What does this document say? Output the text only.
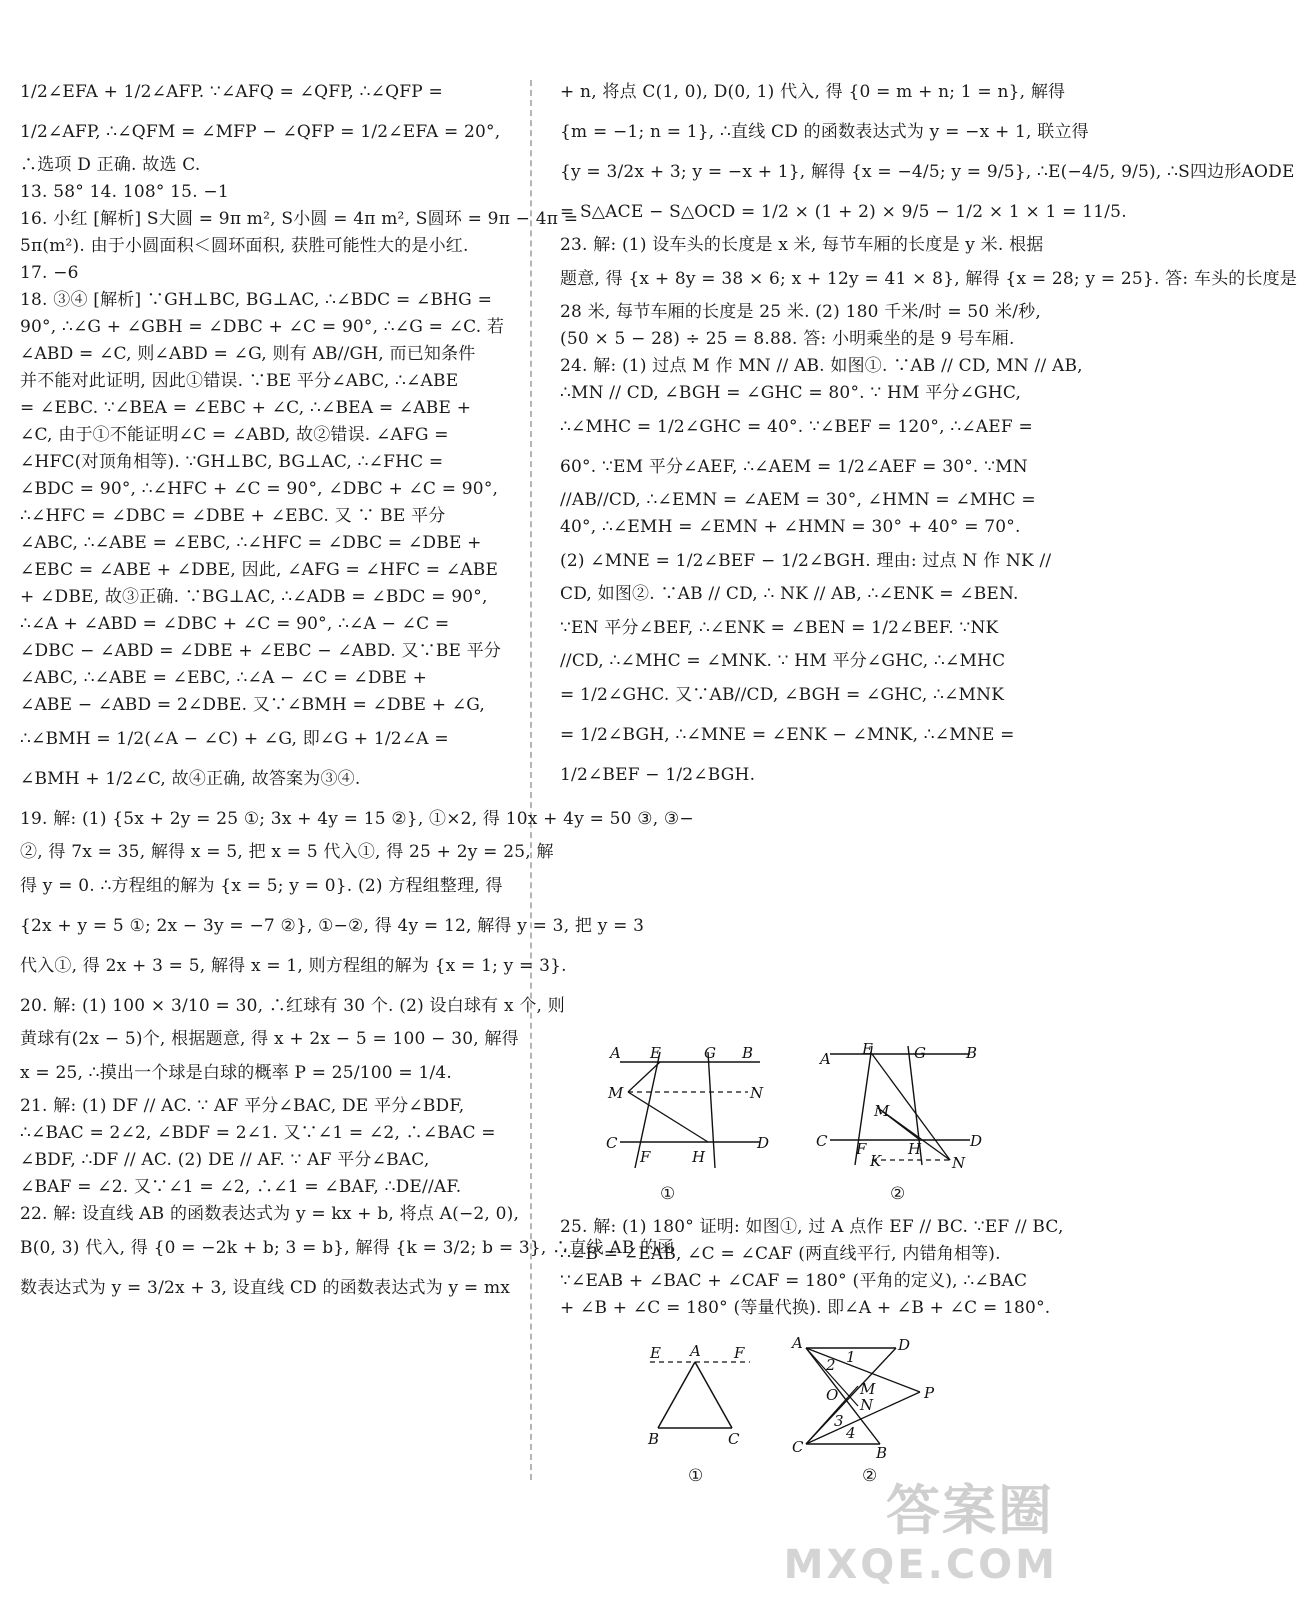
1/2∠EFA + 1/2∠AFP. ∵∠AFQ = ∠QFP, ∴∠QFP =
1/2∠AFP, ∴∠QFM = ∠MFP − ∠QFP = 1/2∠EFA = 20°,
∴选项 D 正确. 故选 C.
13. 58° 14. 108° 15. −1
16. 小红 [解析] S大圆 = 9π m², S小圆 = 4π m², S圆环 = 9π − 4π =
5π(m²). 由于小圆面积＜圆环面积, 获胜可能性大的是小红.
17. −6
18. ③④ [解析] ∵GH⊥BC, BG⊥AC, ∴∠BDC = ∠BHG =
90°, ∴∠G + ∠GBH = ∠DBC + ∠C = 90°, ∴∠G = ∠C. 若
∠ABD = ∠C, 则∠ABD = ∠G, 则有 AB//GH, 而已知条件
并不能对此证明, 因此①错误. ∵BE 平分∠ABC, ∴∠ABE
= ∠EBC. ∵∠BEA = ∠EBC + ∠C, ∴∠BEA = ∠ABE +
∠C, 由于①不能证明∠C = ∠ABD, 故②错误. ∠AFG =
∠HFC(对顶角相等). ∵GH⊥BC, BG⊥AC, ∴∠FHC =
∠BDC = 90°, ∴∠HFC + ∠C = 90°, ∠DBC + ∠C = 90°,
∴∠HFC = ∠DBC = ∠DBE + ∠EBC. 又 ∵ BE 平分
∠ABC, ∴∠ABE = ∠EBC, ∴∠HFC = ∠DBC = ∠DBE +
∠EBC = ∠ABE + ∠DBE, 因此, ∠AFG = ∠HFC = ∠ABE
+ ∠DBE, 故③正确. ∵BG⊥AC, ∴∠ADB = ∠BDC = 90°,
∴∠A + ∠ABD = ∠DBC + ∠C = 90°, ∴∠A − ∠C =
∠DBC − ∠ABD = ∠DBE + ∠EBC − ∠ABD. 又∵BE 平分
∠ABC, ∴∠ABE = ∠EBC, ∴∠A − ∠C = ∠DBE +
∠ABE − ∠ABD = 2∠DBE. 又∵∠BMH = ∠DBE + ∠G,
∴∠BMH = 1/2(∠A − ∠C) + ∠G, 即∠G + 1/2∠A =
∠BMH + 1/2∠C, 故④正确, 故答案为③④.
19. 解: (1) {5x + 2y = 25 ①; 3x + 4y = 15 ②}, ①×2, 得 10x + 4y = 50 ③, ③−
②, 得 7x = 35, 解得 x = 5, 把 x = 5 代入①, 得 25 + 2y = 25, 解
得 y = 0. ∴方程组的解为 {x = 5; y = 0}. (2) 方程组整理, 得
{2x + y = 5 ①; 2x − 3y = −7 ②}, ①−②, 得 4y = 12, 解得 y = 3, 把 y = 3
代入①, 得 2x + 3 = 5, 解得 x = 1, 则方程组的解为 {x = 1; y = 3}.
20. 解: (1) 100 × 3/10 = 30, ∴红球有 30 个. (2) 设白球有 x 个, 则
黄球有(2x − 5)个, 根据题意, 得 x + 2x − 5 = 100 − 30, 解得
x = 25, ∴摸出一个球是白球的概率 P = 25/100 = 1/4.
21. 解: (1) DF // AC. ∵ AF 平分∠BAC, DE 平分∠BDF,
∴∠BAC = 2∠2, ∠BDF = 2∠1. 又∵∠1 = ∠2, ∴∠BAC =
∠BDF, ∴DF // AC. (2) DE // AF. ∵ AF 平分∠BAC,
∠BAF = ∠2. 又∵∠1 = ∠2, ∴∠1 = ∠BAF, ∴DE//AF.
22. 解: 设直线 AB 的函数表达式为 y = kx + b, 将点 A(−2, 0),
B(0, 3) 代入, 得 {0 = −2k + b; 3 = b}, 解得 {k = 3/2; b = 3}, ∴直线 AB 的函
数表达式为 y = 3/2x + 3, 设直线 CD 的函数表达式为 y = mx
+ n, 将点 C(1, 0), D(0, 1) 代入, 得 {0 = m + n; 1 = n}, 解得
{m = −1; n = 1}, ∴直线 CD 的函数表达式为 y = −x + 1, 联立得
{y = 3/2x + 3; y = −x + 1}, 解得 {x = −4/5; y = 9/5}, ∴E(−4/5, 9/5), ∴S四边形AODE
= S△ACE − S△OCD = 1/2 × (1 + 2) × 9/5 − 1/2 × 1 × 1 = 11/5.
23. 解: (1) 设车头的长度是 x 米, 每节车厢的长度是 y 米. 根据
题意, 得 {x + 8y = 38 × 6; x + 12y = 41 × 8}, 解得 {x = 28; y = 25}. 答: 车头的长度是
28 米, 每节车厢的长度是 25 米. (2) 180 千米/时 = 50 米/秒,
(50 × 5 − 28) ÷ 25 = 8.88. 答: 小明乘坐的是 9 号车厢.
24. 解: (1) 过点 M 作 MN // AB. 如图①. ∵AB // CD, MN // AB,
∴MN // CD, ∠BGH = ∠GHC = 80°. ∵ HM 平分∠GHC,
∴∠MHC = 1/2∠GHC = 40°. ∵∠BEF = 120°, ∴∠AEF =
60°. ∵EM 平分∠AEF, ∴∠AEM = 1/2∠AEF = 30°. ∵MN
//AB//CD, ∴∠EMN = ∠AEM = 30°, ∠HMN = ∠MHC =
40°, ∴∠EMH = ∠EMN + ∠HMN = 30° + 40° = 70°.
(2) ∠MNE = 1/2∠BEF − 1/2∠BGH. 理由: 过点 N 作 NK //
CD, 如图②. ∵AB // CD, ∴ NK // AB, ∴∠ENK = ∠BEN.
∵EN 平分∠BEF, ∴∠ENK = ∠BEN = 1/2∠BEF. ∵NK
//CD, ∴∠MHC = ∠MNK. ∵ HM 平分∠GHC, ∴∠MHC
= 1/2∠GHC. 又∵AB//CD, ∠BGH = ∠GHC, ∴∠MNK
= 1/2∠BGH, ∴∠MNE = ∠ENK − ∠MNK, ∴∠MNE =
1/2∠BEF − 1/2∠BGH.
A E	G B
M	N
C
F	H
D
①
A
E	G	B
M
C F	H	D
K	N
②
E A F
B	C
①
A	D
1
2
O M
N
P
3
4
C	B
②
答案圈
MXQE.COM
25. 解: (1) 180° 证明: 如图①, 过 A 点作 EF // BC. ∵EF // BC,
∴∠B = ∠EAB, ∠C = ∠CAF (两直线平行, 内错角相等).
∵∠EAB + ∠BAC + ∠CAF = 180° (平角的定义), ∴∠BAC
+ ∠B + ∠C = 180° (等量代换). 即∠A + ∠B + ∠C = 180°.
